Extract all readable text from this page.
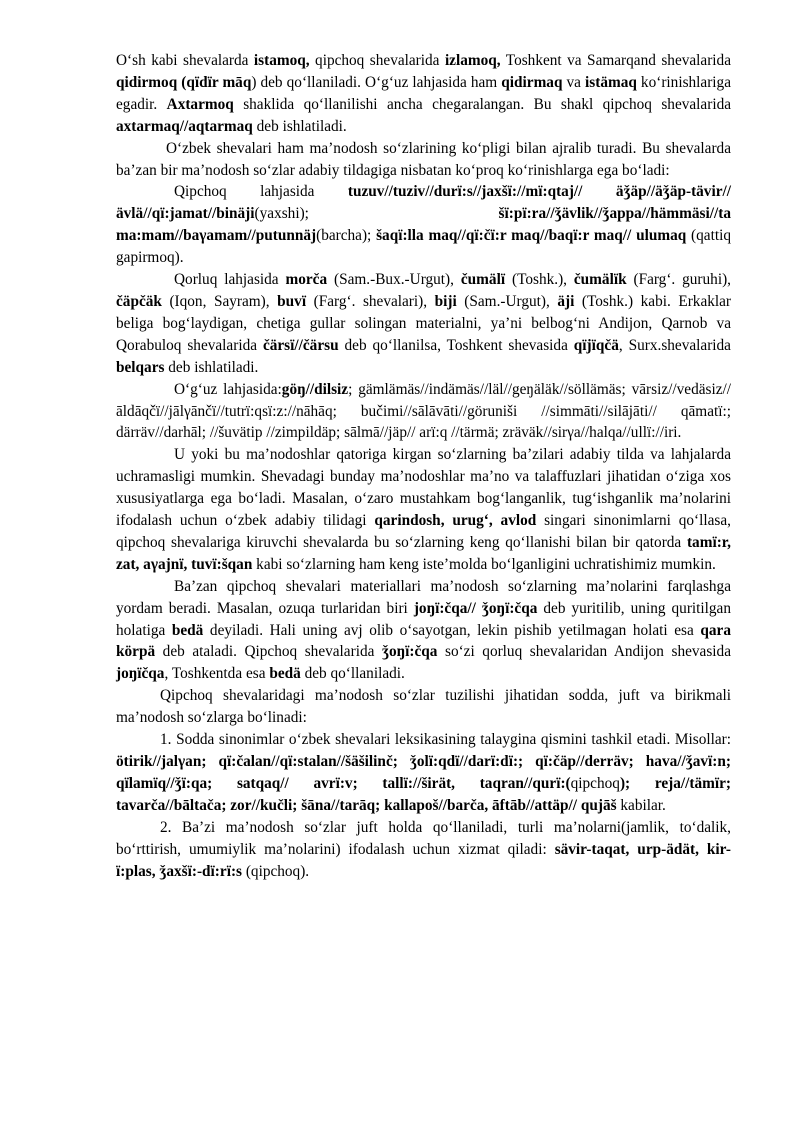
O‘sh kabi shevalarda istamoq, qipchoq shevalarida izlamoq, Toshkent va Samarqand shevalarida qidirmoq (qïdïr māq) deb qo‘llaniladi. O‘g‘uz lahjasida ham qidirmaq va istämaq ko‘rinishlariga egadir. Axtarmoq shaklida qo‘llanilishi ancha chegaralangan. Bu shakl qipchoq shevalarida axtarmaq//aqtarmaq deb ishlatiladi.

O‘zbek shevalari ham ma’nodosh so‘zlarining ko‘pligi bilan ajralib turadi. Bu shevalarda ba’zan bir ma’nodosh so‘zlar adabiy tildagiga nisbatan ko‘proq ko‘rinishlarga ega bo‘ladi:

Qipchoq lahjasida tuzuv//tuziv//durï:s//jaxšï://mï:qtaj// äǯäp//äǯäp-tävir//ävlä//qï:jamat//binäji(yaxshi); šï:pï:ra//ǯävlik//ǯappa//hämmäsi//ta ma:mam//baγamam//putunnäj(barcha); šaqï:lla maq//qï:čï:r maq//baqï:r maq// ulumaq (qattiq gapirmoq).

Qorluq lahjasida morča (Sam.-Bux.-Urgut), čumälï (Toshk.), čumälïk (Farg‘. guruhi), čäpčäk (Iqon, Sayram), buvï (Farg‘. shevalari), biji (Sam.-Urgut), äji (Toshk.) kabi. Erkaklar beliga bog‘laydigan, chetiga gullar solingan materialni, ya’ni belbog‘ni Andijon, Qarnob va Qorabuloq shevalarida čärsï//čärsu deb qo‘llanilsa, Toshkent shevasida qïjïqčä, Surx.shevalarida belqars deb ishlatiladi.

O‘g‘uz lahjasida:göŋ//dilsiz; gämlämäs//indämäs//läl//geŋäläk//söllämäs; vārsiz//vedäsiz//āldāqčï//jālγānčï//tutrï:qsï:z://nāhāq; bučimi//sālāvāti//göruniši //simmāti//silājāti// qāmatï:; därräv//darhāl; //šuvätip //zimpildäp; sālmā//jäp// arï:q //tärmä; zräväk//sirγa//halqa//ullï://iri.

U yoki bu ma’nodoshlar qatoriga kirgan so‘zlarning ba’zilari adabiy tilda va lahjalarda uchramasligi mumkin. Shevadagi bunday ma’nodoshlar ma’no va talaffuzlari jihatidan o‘ziga xos xususiyatlarga ega bo‘ladi. Masalan, o‘zaro mustahkam bog‘langanlik, tug‘ishganlik ma’nolarini ifodalash uchun o‘zbek adabiy tilidagi qarindosh, urug‘, avlod singari sinonimlarni qo‘llasa, qipchoq shevalariga kiruvchi shevalarda bu so‘zlarning keng qo‘llanishi bilan bir qatorda tamï:r, zat, aγajnï, tuvï:šqan kabi so‘zlarning ham keng iste’molda bo‘lganligini uchratishimiz mumkin.

Ba’zan qipchoq shevalari materiallari ma’nodosh so‘zlarning ma’nolarini farqlashga yordam beradi. Masalan, ozuqa turlaridan biri joŋï:čqa// ǯoŋï:čqa deb yuritilib, uning quritilgan holatiga bedä deyiladi. Hali uning avj olib o‘sayotgan, lekin pishib yetilmagan holati esa qara körpä deb ataladi. Qipchoq shevalarida ǯoŋï:čqa so‘zi qorluq shevalaridan Andijon shevasida joŋïčqa, Toshkentda esa bedä deb qo‘llaniladi.

Qipchoq shevalaridagi ma’nodosh so‘zlar tuzilishi jihatidan sodda, juft va birikmali ma’nodosh so‘zlarga bo‘linadi:

1. Sodda sinonimlar o‘zbek shevalari leksikasining talaygina qismini tashkil etadi. Misollar: ötirik//jalγan; qï:čalan//qï:stalan//šäšilinč; ǯolï:qdï//darï:dï:; qï:čäp//derräv; hava//ǯavï:n; qïlamïq//ǯï:qa; satqaq// avrï:v; tallï://širät, taqran//qurï:(qipchoq); reja//tämïr; tavarča//bāltača; zor//kučli; šāna//tarāq; kallapoš//barča, āftāb//attäp// qujāš kabilar.

2. Ba’zi ma’nodosh so‘zlar juft holda qo‘llaniladi, turli ma’nolarni(jamlik, to‘dalik, bo‘rttirish, umumiylik ma’nolarini) ifodalash uchun xizmat qiladi: sävir-taqat, urp-ädät, kir-ï:plas, ǯaxšï:-dï:rï:s (qipchoq).
